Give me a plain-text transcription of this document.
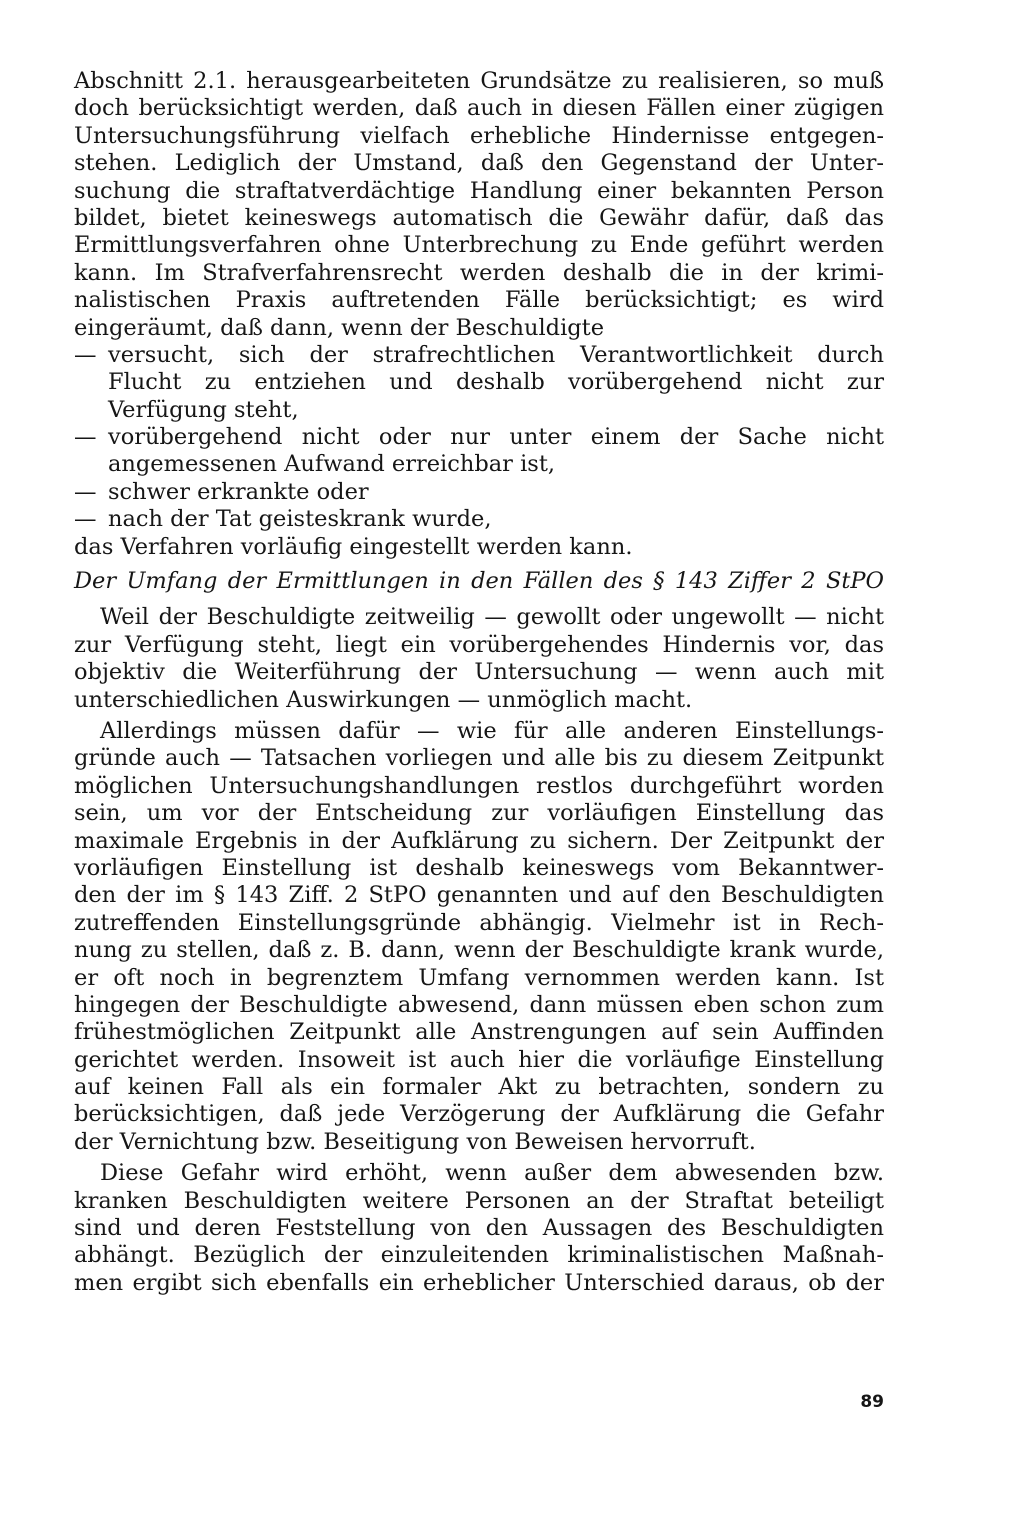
Abschnitt 2.1. herausgearbeiteten Grundsätze zu realisieren, so muß
doch berücksichtigt werden, daß auch in diesen Fällen einer zügigen
Untersuchungsführung vielfach erhebliche Hindernisse entgegen-
stehen. Lediglich der Umstand, daß den Gegenstand der Unter-
suchung die straftatverdächtige Handlung einer bekannten Person
bildet, bietet keineswegs automatisch die Gewähr dafür, daß das
Ermittlungsverfahren ohne Unterbrechung zu Ende geführt werden
kann. Im Strafverfahrensrecht werden deshalb die in der krimi-
nalistischen Praxis auftretenden Fälle berücksichtigt; es wird
eingeräumt, daß dann, wenn der Beschuldigte
— versucht, sich der strafrechtlichen Verantwortlichkeit durch
Flucht zu entziehen und deshalb vorübergehend nicht zur
Verfügung steht,
— vorübergehend nicht oder nur unter einem der Sache nicht
angemessenen Aufwand erreichbar ist,
— schwer erkrankte oder
— nach der Tat geisteskrank wurde,
das Verfahren vorläufig eingestellt werden kann.
Der Umfang der Ermittlungen in den Fällen des § 143 Ziffer 2 StPO
Weil der Beschuldigte zeitweilig — gewollt oder ungewollt — nicht
zur Verfügung steht, liegt ein vorübergehendes Hindernis vor, das
objektiv die Weiterführung der Untersuchung — wenn auch mit
unterschiedlichen Auswirkungen — unmöglich macht.
Allerdings müssen dafür — wie für alle anderen Einstellungs-
gründe auch — Tatsachen vorliegen und alle bis zu diesem Zeitpunkt
möglichen Untersuchungshandlungen restlos durchgeführt worden
sein, um vor der Entscheidung zur vorläufigen Einstellung das
maximale Ergebnis in der Aufklärung zu sichern. Der Zeitpunkt der
vorläufigen Einstellung ist deshalb keineswegs vom Bekanntwer-
den der im § 143 Ziff. 2 StPO genannten und auf den Beschuldigten
zutreffenden Einstellungsgründe abhängig. Vielmehr ist in Rech-
nung zu stellen, daß z. B. dann, wenn der Beschuldigte krank wurde,
er oft noch in begrenztem Umfang vernommen werden kann. Ist
hingegen der Beschuldigte abwesend, dann müssen eben schon zum
frühestmöglichen Zeitpunkt alle Anstrengungen auf sein Auffinden
gerichtet werden. Insoweit ist auch hier die vorläufige Einstellung
auf keinen Fall als ein formaler Akt zu betrachten, sondern zu
berücksichtigen, daß jede Verzögerung der Aufklärung die Gefahr
der Vernichtung bzw. Beseitigung von Beweisen hervorruft.
Diese Gefahr wird erhöht, wenn außer dem abwesenden bzw.
kranken Beschuldigten weitere Personen an der Straftat beteiligt
sind und deren Feststellung von den Aussagen des Beschuldigten
abhängt. Bezüglich der einzuleitenden kriminalistischen Maßnah-
men ergibt sich ebenfalls ein erheblicher Unterschied daraus, ob der
89
